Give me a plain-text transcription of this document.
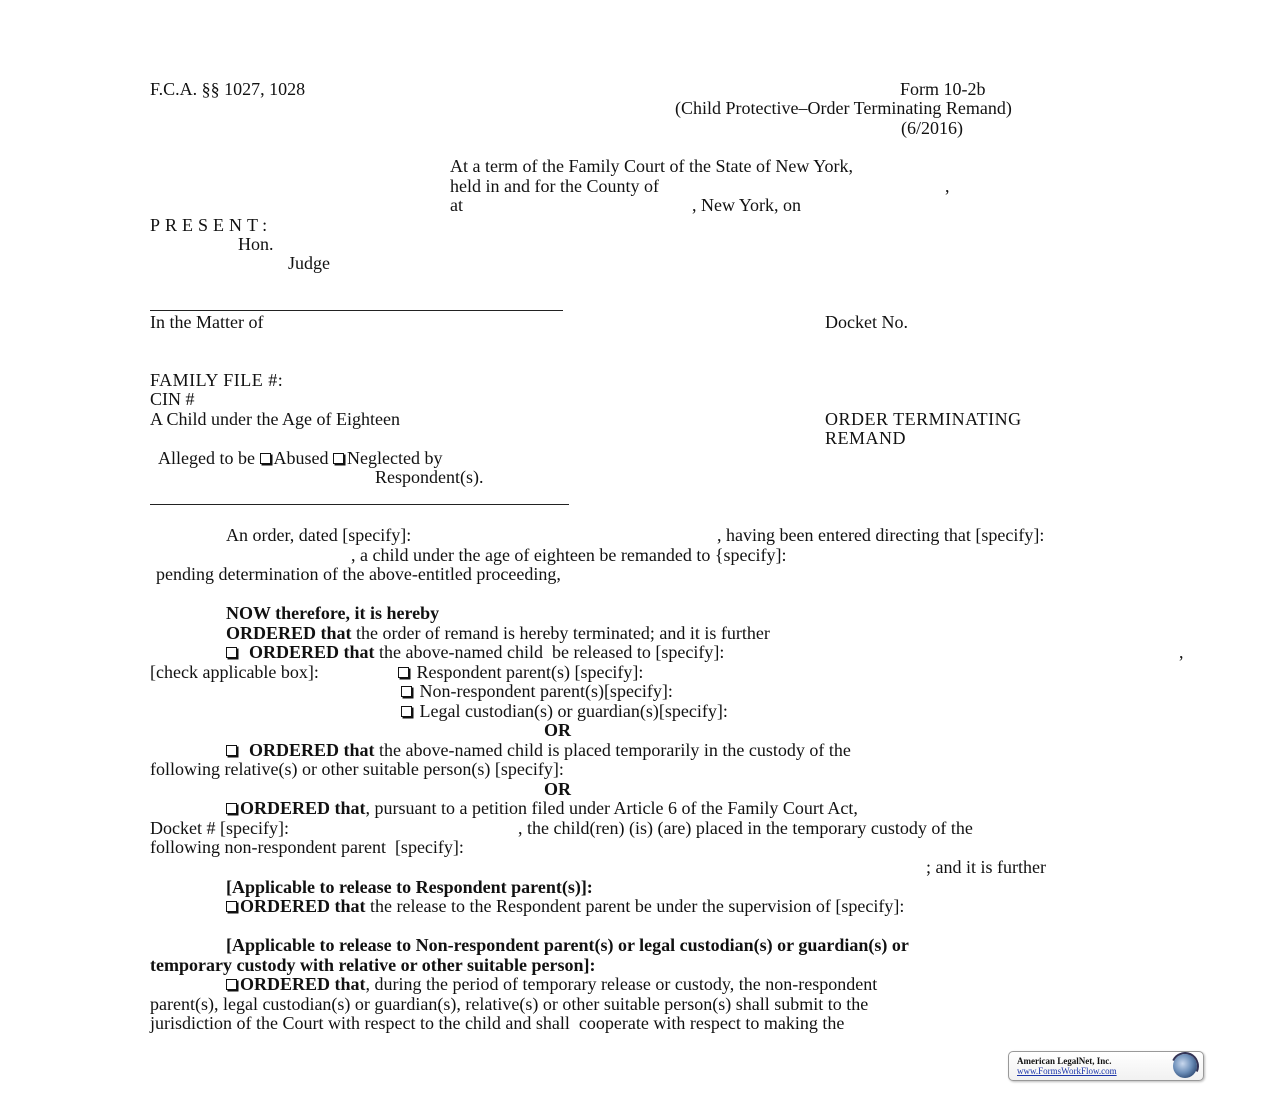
F.C.A. §§ 1027, 1028	Form 10-2b
(Child Protective–Order Terminating Remand)
(6/2016)
At a term of the Family Court of the State of New York,
held in and for the County of	,
at	, New York, on
PRESENT:
Hon.
Judge
In the Matter of	Docket No.
FAMILY FILE #:
CIN #
A Child under the Age of Eighteen

Alleged to be Abused Neglected by

ORDER TERMINATING
REMAND
Respondent(s).
An order, dated [specify]:	, having been entered directing that [specify]:
, a child under the age of eighteen be remanded to {specify]:
pending determination of the above-entitled proceeding,
NOW therefore, it is hereby
ORDERED that the order of remand is hereby terminated; and it is further
ORDERED that the above-named child  be released to [specify]:	,
[check applicable box]:	Respondent parent(s) [specify]:
Non-respondent parent(s)[specify]:
Legal custodian(s) or guardian(s)[specify]:
OR
ORDERED that the above-named child is placed temporarily in the custody of the
following relative(s) or other suitable person(s) [specify]:
OR
ORDERED that, pursuant to a petition filed under Article 6 of the Family Court Act,
Docket # [specify]:	, the child(ren) (is) (are) placed in the temporary custody of the
following non-respondent parent  [specify]:
; and it is further
[Applicable to release to Respondent parent(s)]:
ORDERED that the release to the Respondent parent be under the supervision of [specify]:
[Applicable to release to Non-respondent parent(s) or legal custodian(s) or guardian(s) or
temporary custody with relative or other suitable person]:
ORDERED that, during the period of temporary release or custody, the non-respondent
parent(s), legal custodian(s) or guardian(s), relative(s) or other suitable person(s) shall submit to the
jurisdiction of the Court with respect to the child and shall  cooperate with respect to making the
American LegalNet, Inc.
www.FormsWorkFlow.com
